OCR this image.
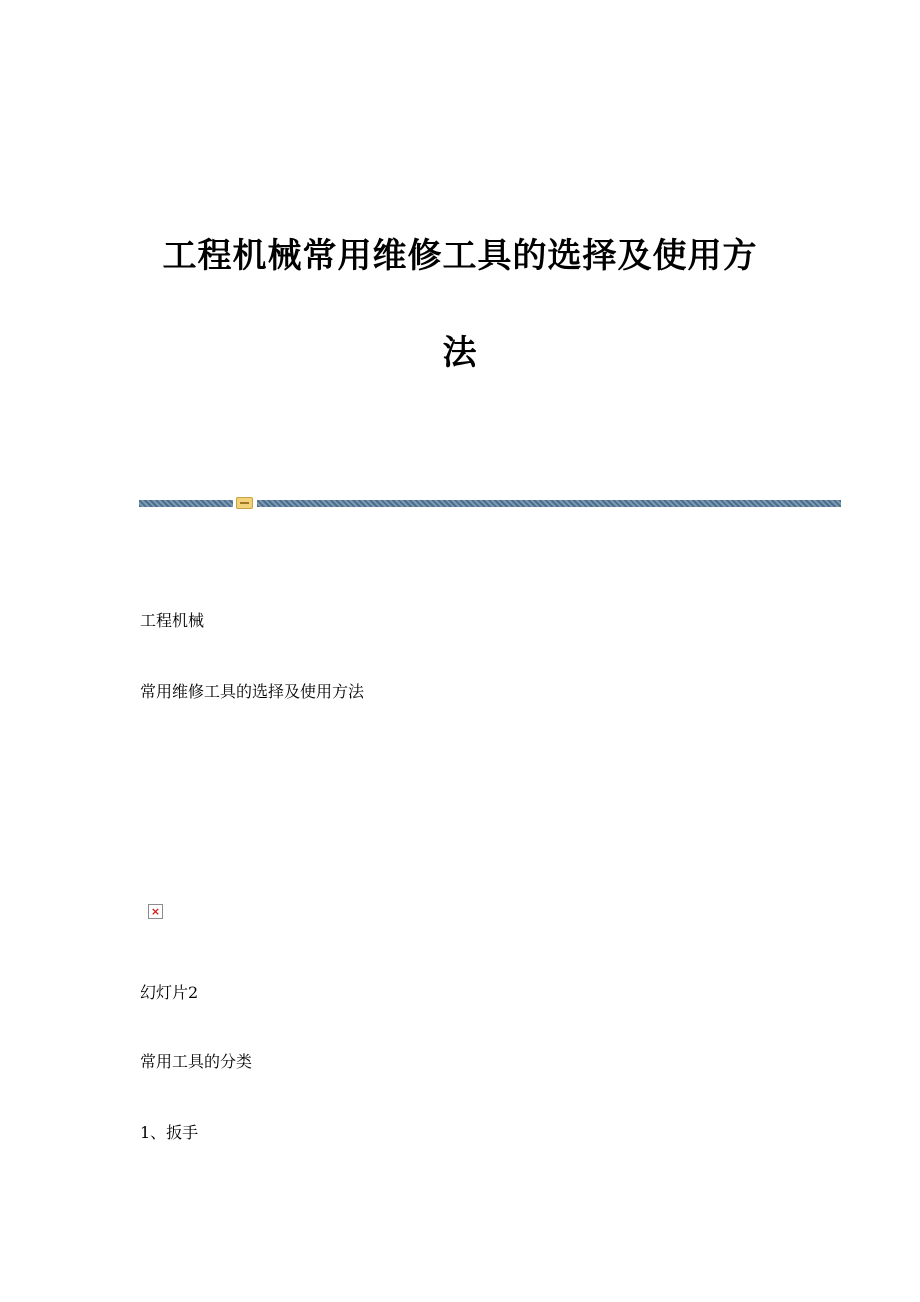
工程机械常用维修工具的选择及使用方
法

工程机械

常用维修工具的选择及使用方法

×

幻灯片2

常用工具的分类

1、扳手
